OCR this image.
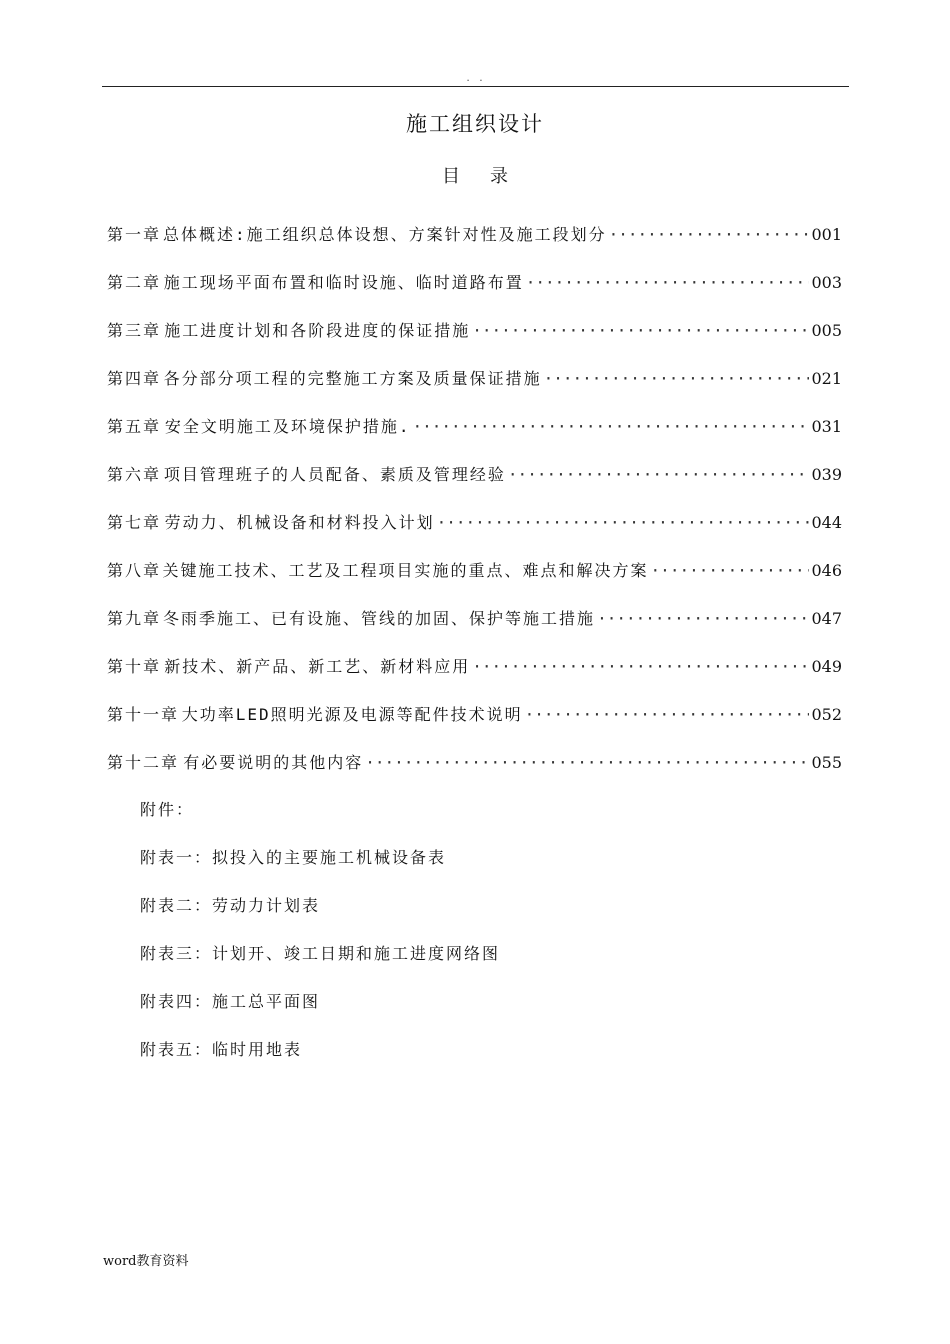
. .
施工组织设计
目录
第一章 总体概述:施工组织总体设想、方案针对性及施工段划分 ·····	001
第二章 施工现场平面布置和临时设施、临时道路布置 ·····	003
第三章 施工进度计划和各阶段进度的保证措施 ·····	005
第四章 各分部分项工程的完整施工方案及质量保证措施 ·····	021
第五章 安全文明施工及环境保护措施. ·····	031
第六章 项目管理班子的人员配备、素质及管理经验 ·····	039
第七章 劳动力、机械设备和材料投入计划 ·····	044
第八章 关键施工技术、工艺及工程项目实施的重点、难点和解决方案 ·····	046
第九章 冬雨季施工、已有设施、管线的加固、保护等施工措施 ·····	047
第十章 新技术、新产品、新工艺、新材料应用 ·····	049
第十一章 大功率LED照明光源及电源等配件技术说明 ·····	052
第十二章 有必要说明的其他内容 ·····	055
附件：
附表一：拟投入的主要施工机械设备表
附表二：劳动力计划表
附表三：计划开、竣工日期和施工进度网络图
附表四：施工总平面图
附表五：临时用地表
word教育资料
